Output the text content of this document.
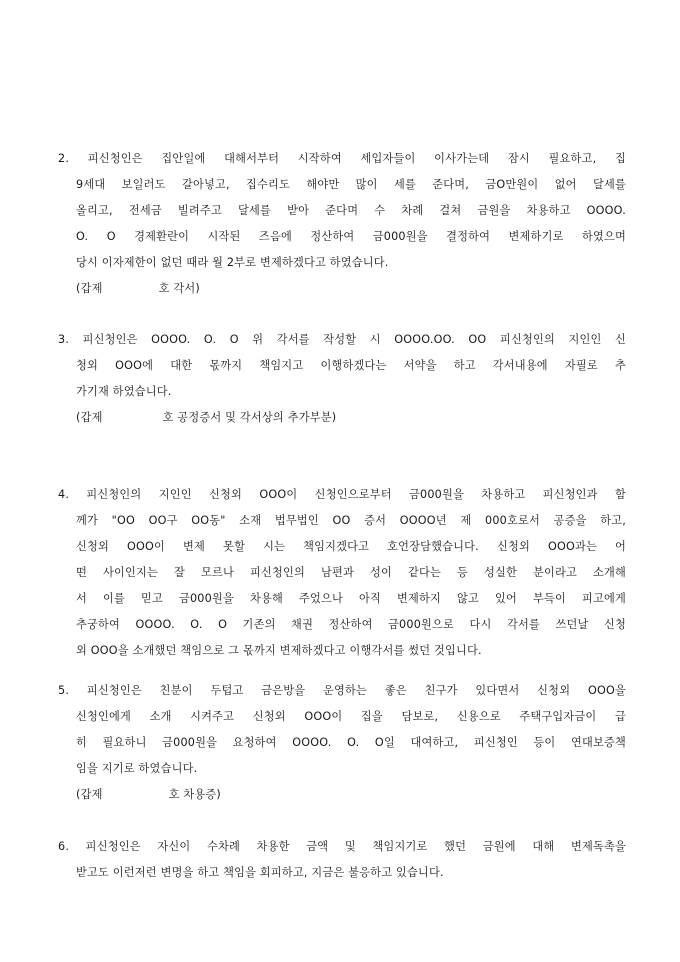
2. 피신청인은 집안일에 대해서부터 시작하여 세입자들이 이사가는데 잠시 필요하고, 집
9세대 보일러도 갈아넣고, 집수리도 해야만 많이 세를 준다며, 금O만원이 없어 달세를
올리고, 전세금 빌려주고 달세를 받아 준다며 수 차례 걸쳐 금원을 차용하고 OOOO.
O. O 경제환란이 시작된 즈음에 정산하여 금000원을 결정하여 변제하기로 하였으며
당시 이자제한이 없던 때라 월 2부로 변제하겠다고 하였습니다.
(갑제	호 각서)
3. 피신청인은 OOOO. O. O 위 각서를 작성할 시 OOOO.OO. OO 피신청인의 지인인 신
청외 OOO에 대한 몫까지 책임지고 이행하겠다는 서약을 하고 각서내용에 자필로 추
가기재 하였습니다.
(갑제	호 공정증서 및 각서상의 추가부분)
4. 피신청인의 지인인 신청외 OOO이 신청인으로부터 금000원을 차용하고 피신청인과 함
께가 "OO OO구 OO동" 소재 법무법인 OO 증서 OOOO년 제 000호로서 공증을 하고,
신청외 OOO이 변제 못할 시는 책임지겠다고 호언장담했습니다. 신청외 OOO과는 어
떤 사이인지는 잘 모르나 피신청인의 남편과 성이 같다는 등 성실한 분이라고 소개해
서 이를 믿고 금000원을 차용해 주었으나 아직 변제하지 않고 있어 부득이 피고에게
추궁하여 OOOO. O. O 기존의 채권 정산하여 금000원으로 다시 각서를 쓰던날 신청
외 OOO을 소개했던 책임으로 그 몫까지 변제하겠다고 이행각서를 썼던 것입니다.
5. 피신청인은 친분이 두텁고 금은방을 운영하는 좋은 친구가 있다면서 신청외 OOO을
신청인에게 소개 시켜주고 신청외 OOO이 집을 담보로, 신용으로 주택구입자금이 급
히 필요하니 금000원을 요청하여 OOOO. O. O일 대여하고, 피신청인 등이 연대보증책
임을 지기로 하였습니다.
(갑제	호 차용증)
6. 피신청인은 자신이 수차례 차용한 금액 및 책임지기로 했던 금원에 대해 변제독촉을
받고도 이런저런 변명을 하고 책임을 회피하고, 지금은 불응하고 있습니다.
